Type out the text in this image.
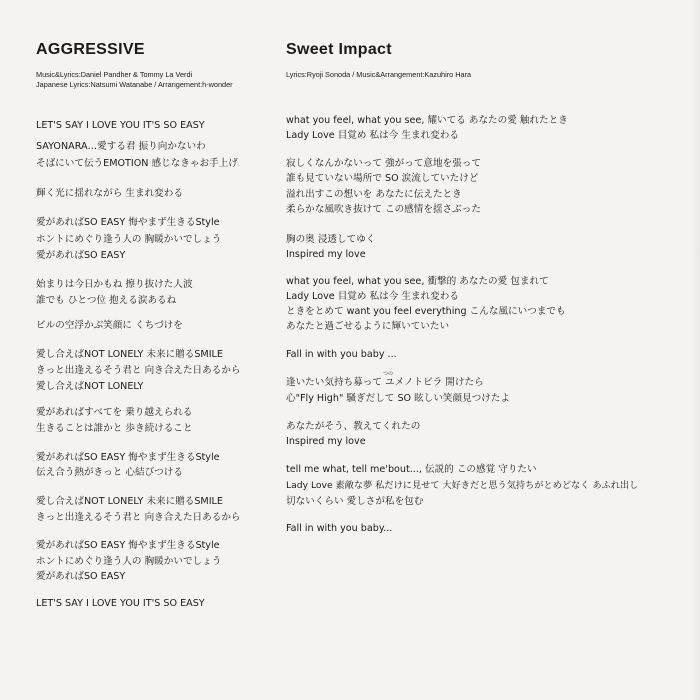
AGGRESSIVE
Music&Lyrics:Daniel Pandher & Tommy La Verdi
Japanese Lyrics:Natsumi Watanabe / Arrangement:h-wonder
LET'S SAY I LOVE YOU IT'S SO EASY
SAYONARA…愛する君 振り向かないわ
そばにいて伝うEMOTION 感じなきゃお手上げ
輝く光に揺れながら 生まれ変わる
愛があればSO EASY 悔やまず生きるStyle
ホントにめぐり逢う人の 胸暖かいでしょう
愛があればSO EASY
始まりは今日かもね 擦り抜けた人波
誰でも ひとつ位 抱える涙あるね
ビルの空浮かぶ笑顔に くちづけを
愛し合えばNOT LONELY 未来に贈るSMILE
きっと出逢えるそう君と 向き合えた日あるから
愛し合えばNOT LONELY
愛があればすべてを 乗り越えられる
生きることは誰かと 歩き続けること
愛があればSO EASY 悔やまず生きるStyle
伝え合う熱がきっと 心結びつける
愛し合えばNOT LONELY 未来に贈るSMILE
きっと出逢えるそう君と 向き合えた日あるから
愛があればSO EASY 悔やまず生きるStyle
ホントにめぐり逢う人の 胸暖かいでしょう
愛があればSO EASY
LET'S SAY I LOVE YOU IT'S SO EASY
Sweet Impact
Lyrics:Ryoji Sonoda / Music&Arrangement:Kazuhiro Hara
what you feel, what you see, 耀いてる あなたの愛 触れたとき
Lady Love 目覚め 私は今 生まれ変わる
寂しくなんかないって 強がって意地を張って
誰も見ていない場所で SO 涙流していたけど
溢れ出すこの想いを あなたに伝えたとき
柔らかな風吹き抜けて この感情を揺さぶった
胸の奥 浸透してゆく
Inspired my love
what you feel, what you see, 衝撃的 あなたの愛 包まれて
Lady Love 目覚め 私は今 生まれ変わる
ときをとめて want you feel everything こんな風にいつまでも
あなたと過ごせるように輝いていたい
Fall in with you baby ...
つの
逢いたい気持ち募って ユメノトビラ 開けたら
心"Fly High" 騒ぎだして SO 眩しい笑顔見つけたよ
あなたがそう、教えてくれたの
Inspired my love
tell me what, tell me'bout..., 伝説的 この感覚 守りたい
Lady Love 素敵な夢 私だけに見せて 大好きだと思う気持ちがとめどなく あふれ出し
切ないくらい 愛しさが私を包む
Fall in with you baby...
